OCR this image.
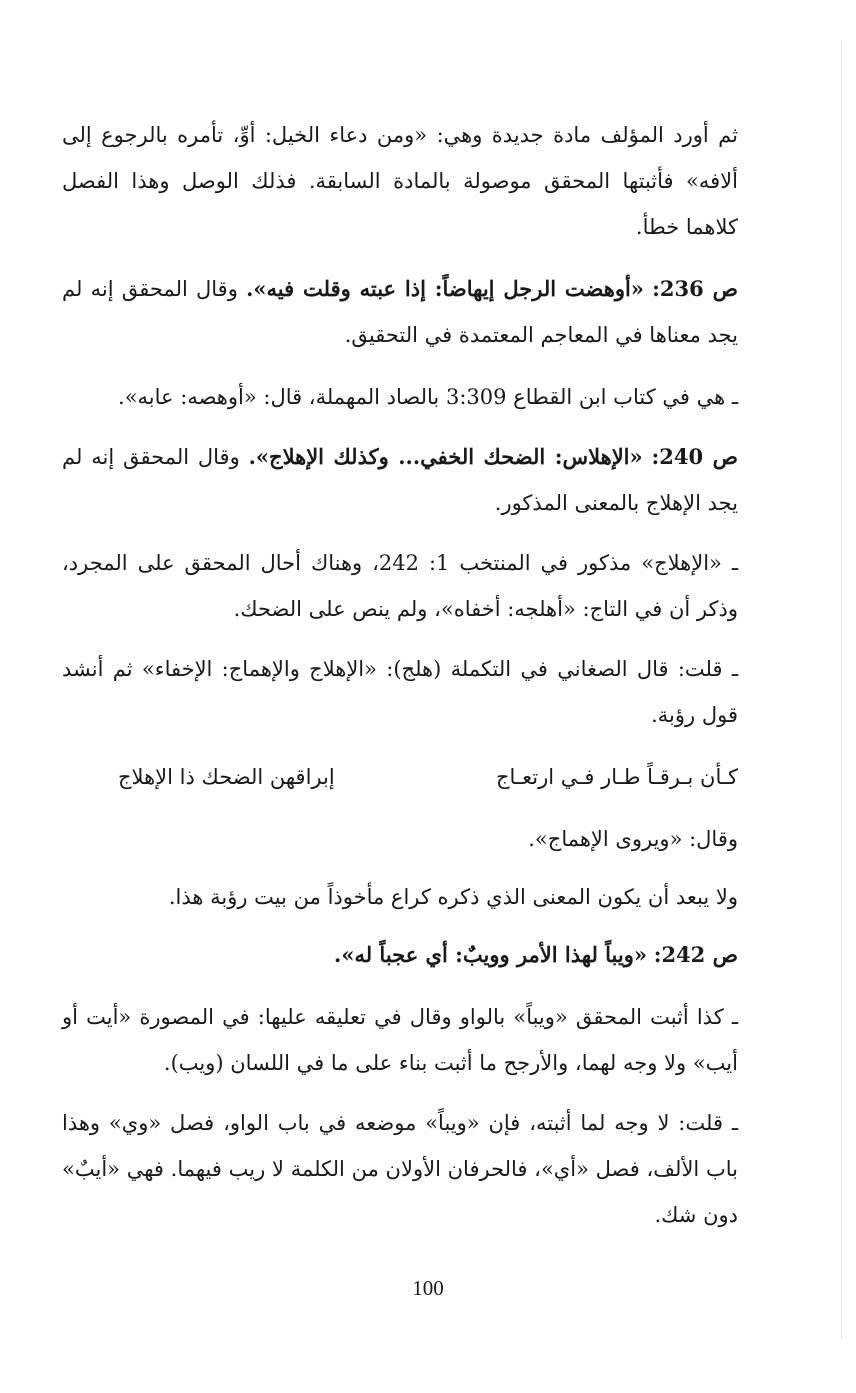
ثم أورد المؤلف مادة جديدة وهي: «ومن دعاء الخيل: أوِّ، تأمره بالرجوع إلى ألافه» فأثبتها المحقق موصولة بالمادة السابقة. فذلك الوصل وهذا الفصل كلاهما خطأ.

ص 236: «أوهضت الرجل إيهاضاً: إذا عبته وقلت فيه». وقال المحقق إنه لم يجد معناها في المعاجم المعتمدة في التحقيق.

ـ هي في كتاب ابن القطاع 3:309 بالصاد المهملة، قال: «أوهصه: عابه».

ص 240: «الإهلاس: الضحك الخفي... وكذلك الإهلاج». وقال المحقق إنه لم يجد الإهلاج بالمعنى المذكور.

ـ «الإهلاج» مذكور في المنتخب 1: 242، وهناك أحال المحقق على المجرد، وذكر أن في التاج: «أهلجه: أخفاه»، ولم ينص على الضحك.

ـ قلت: قال الصغاني في التكملة (هلج): «الإهلاج والإهماج: الإخفاء» ثم أنشد قول رؤبة.

كـأن بـرقـاً طـار فـي ارتعـاج
إبراقهن الضحك ذا الإهلاج

وقال: «ويروى الإهماج».

ولا يبعد أن يكون المعنى الذي ذكره كراع مأخوذاً من بيت رؤبة هذا.

ص 242: «ويباً لهذا الأمر وويبٌ: أي عجباً له».

ـ كذا أثبت المحقق «ويباً» بالواو وقال في تعليقه عليها: في المصورة «أيت أو أيب» ولا وجه لهما، والأرجح ما أثبت بناء على ما في اللسان (ويب).

ـ قلت: لا وجه لما أثبته، فإن «ويباً» موضعه في باب الواو، فصل «وي» وهذا باب الألف، فصل «أي»، فالحرفان الأولان من الكلمة لا ريب فيهما. فهي «أيبٌ» دون شك.

100
